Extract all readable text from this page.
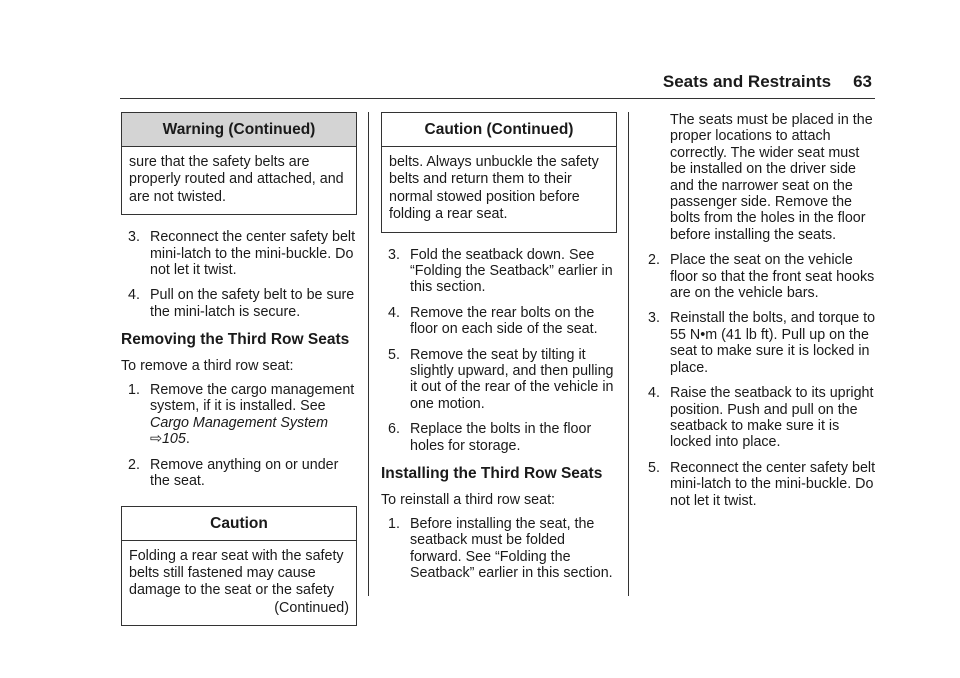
Seats and Restraints 63
Warning (Continued)

sure that the safety belts are

properly routed and attached, and

are not twisted.

3. Reconnect the center safety belt mini-latch to the mini-buckle. Do not let it twist.

4. Pull on the safety belt to be sure the mini-latch is secure.

Removing the Third Row Seats

To remove a third row seat:

1. Remove the cargo management system, if it is installed. See Cargo Management System ⇨105.

2. Remove anything on or under the seat.

Caution

Folding a rear seat with the safety

belts still fastened may cause

damage to the seat or the safety

(Continued)

Caution (Continued)

belts. Always unbuckle the safety

belts and return them to their

normal stowed position before

folding a rear seat.

3. Fold the seatback down. See “Folding the Seatback” earlier in this section.

4. Remove the rear bolts on the floor on each side of the seat.

5. Remove the seat by tilting it slightly upward, and then pulling it out of the rear of the vehicle in one motion.

6. Replace the bolts in the floor holes for storage.

Installing the Third Row Seats

To reinstall a third row seat:

1. Before installing the seat, the seatback must be folded forward. See “Folding the Seatback” earlier in this section.

The seats must be placed in the proper locations to attach correctly. The wider seat must be installed on the driver side and the narrower seat on the passenger side. Remove the bolts from the holes in the floor before installing the seats.

2. Place the seat on the vehicle floor so that the front seat hooks are on the vehicle bars.

3. Reinstall the bolts, and torque to 55 N•m (41 lb ft). Pull up on the seat to make sure it is locked in place.

4. Raise the seatback to its upright position. Push and pull on the seatback to make sure it is locked into place.

5. Reconnect the center safety belt mini-latch to the mini-buckle. Do not let it twist.
